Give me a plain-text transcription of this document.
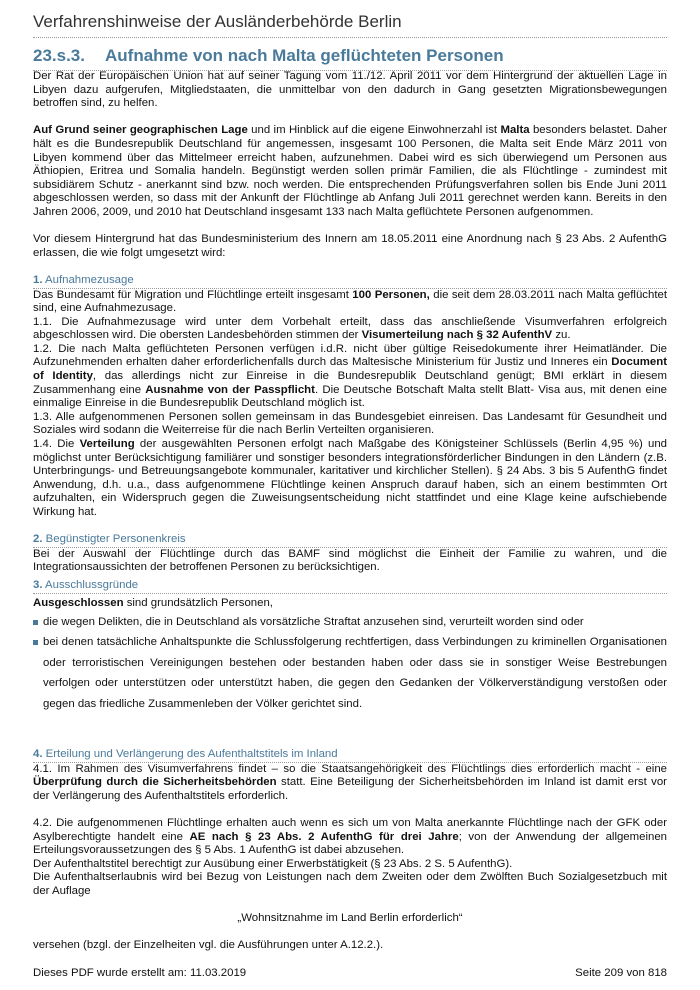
Verfahrenshinweise der Ausländerbehörde Berlin
23.s.3. Aufnahme von nach Malta geflüchteten Personen

Der Rat der Europäischen Union hat auf seiner Tagung vom 11./12. April 2011 vor dem Hintergrund der aktuellen Lage in Libyen dazu aufgerufen, Mitgliedstaaten, die unmittelbar von den dadurch in Gang gesetzten Migrationsbewegungen betroffen sind, zu helfen.

Auf Grund seiner geographischen Lage und im Hinblick auf die eigene Einwohnerzahl ist Malta besonders belastet. Daher hält es die Bundesrepublik Deutschland für angemessen, insgesamt 100 Personen, die Malta seit Ende März 2011 von Libyen kommend über das Mittelmeer erreicht haben, aufzunehmen. Dabei wird es sich überwiegend um Personen aus Äthiopien, Eritrea und Somalia handeln. Begünstigt werden sollen primär Familien, die als Flüchtlinge - zumindest mit subsidiärem Schutz - anerkannt sind bzw. noch werden. Die entsprechenden Prüfungsverfahren sollen bis Ende Juni 2011 abgeschlossen werden, so dass mit der Ankunft der Flüchtlinge ab Anfang Juli 2011 gerechnet werden kann. Bereits in den Jahren 2006, 2009, und 2010 hat Deutschland insgesamt 133 nach Malta geflüchtete Personen aufgenommen.

Vor diesem Hintergrund hat das Bundesministerium des Innern am 18.05.2011 eine Anordnung nach § 23 Abs. 2 AufenthG erlassen, die wie folgt umgesetzt wird:

1. Aufnahmezusage

Das Bundesamt für Migration und Flüchtlinge erteilt insgesamt 100 Personen, die seit dem 28.03.2011 nach Malta geflüchtet sind, eine Aufnahmezusage.

1.1. Die Aufnahmezusage wird unter dem Vorbehalt erteilt, dass das anschließende Visumverfahren erfolgreich abgeschlossen wird. Die obersten Landesbehörden stimmen der Visumerteilung nach § 32 AufenthV zu.

1.2. Die nach Malta geflüchteten Personen verfügen i.d.R. nicht über gültige Reisedokumente ihrer Heimatländer. Die Aufzunehmenden erhalten daher erforderlichenfalls durch das Maltesische Ministerium für Justiz und Inneres ein Document of Identity, das allerdings nicht zur Einreise in die Bundesrepublik Deutschland genügt; BMI erklärt in diesem Zusammenhang eine Ausnahme von der Passpflicht. Die Deutsche Botschaft Malta stellt Blatt- Visa aus, mit denen eine einmalige Einreise in die Bundesrepublik Deutschland möglich ist.

1.3. Alle aufgenommenen Personen sollen gemeinsam in das Bundesgebiet einreisen. Das Landesamt für Gesundheit und Soziales wird sodann die Weiterreise für die nach Berlin Verteilten organisieren.

1.4. Die Verteilung der ausgewählten Personen erfolgt nach Maßgabe des Königsteiner Schlüssels (Berlin 4,95 %) und möglichst unter Berücksichtigung familiärer und sonstiger besonders integrationsförderlicher Bindungen in den Ländern (z.B. Unterbringungs- und Betreuungsangebote kommunaler, karitativer und kirchlicher Stellen). § 24 Abs. 3 bis 5 AufenthG findet Anwendung, d.h. u.a., dass aufgenommene Flüchtlinge keinen Anspruch darauf haben, sich an einem bestimmten Ort aufzuhalten, ein Widerspruch gegen die Zuweisungsentscheidung nicht stattfindet und eine Klage keine aufschiebende Wirkung hat.

2. Begünstigter Personenkreis

Bei der Auswahl der Flüchtlinge durch das BAMF sind möglichst die Einheit der Familie zu wahren, und die Integrationsaussichten der betroffenen Personen zu berücksichtigen.

3. Ausschlussgründe

Ausgeschlossen sind grundsätzlich Personen,

die wegen Delikten, die in Deutschland als vorsätzliche Straftat anzusehen sind, verurteilt worden sind oder
bei denen tatsächliche Anhaltspunkte die Schlussfolgerung rechtfertigen, dass Verbindungen zu kriminellen Organisationen oder terroristischen Vereinigungen bestehen oder bestanden haben oder dass sie in sonstiger Weise Bestrebungen verfolgen oder unterstützen oder unterstützt haben, die gegen den Gedanken der Völkerverständigung verstoßen oder gegen das friedliche Zusammenleben der Völker gerichtet sind.
4. Erteilung und Verlängerung des Aufenthaltstitels im Inland

4.1. Im Rahmen des Visumverfahrens findet – so die Staatsangehörigkeit des Flüchtlings dies erforderlich macht - eine Überprüfung durch die Sicherheitsbehörden statt. Eine Beteiligung der Sicherheitsbehörden im Inland ist damit erst vor der Verlängerung des Aufenthaltstitels erforderlich.

4.2. Die aufgenommenen Flüchtlinge erhalten auch wenn es sich um von Malta anerkannte Flüchtlinge nach der GFK oder Asylberechtigte handelt eine AE nach § 23 Abs. 2 AufenthG für drei Jahre; von der Anwendung der allgemeinen Erteilungsvoraussetzungen des § 5 Abs. 1 AufenthG ist dabei abzusehen.

Der Aufenthaltstitel berechtigt zur Ausübung einer Erwerbstätigkeit (§ 23 Abs. 2 S. 5 AufenthG).

Die Aufenthaltserlaubnis wird bei Bezug von Leistungen nach dem Zweiten oder dem Zwölften Buch Sozialgesetzbuch mit der Auflage

„Wohnsitznahme im Land Berlin erforderlich“

versehen (bzgl. der Einzelheiten vgl. die Ausführungen unter A.12.2.).

Dieses PDF wurde erstellt am: 11.03.2019	Seite 209 von 818
